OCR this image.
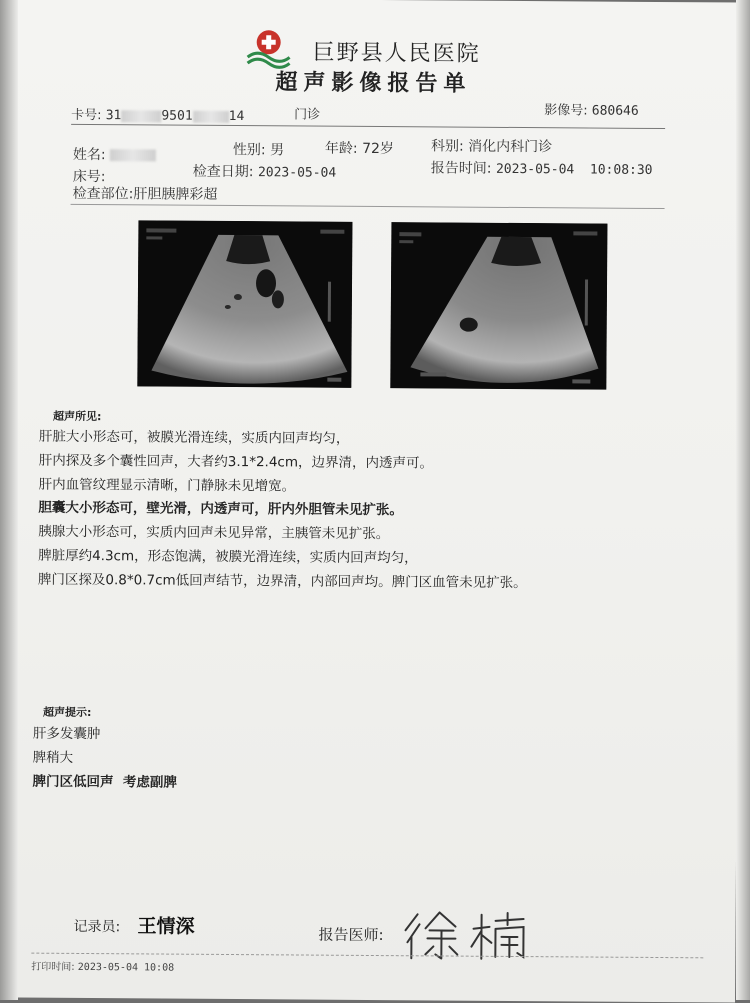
巨野县人民医院
超声影像报告单
卡号: 31	9501	14	门诊	影像号: 680646
姓名:	性别: 男	年龄: 72岁	科别: 消化内科门诊
床号:	检查日期: 2023-05-04	报告时间: 2023-05-04  10:08:30
检查部位:肝胆胰脾彩超
超声所见:
肝脏大小形态可，被膜光滑连续，实质内回声均匀，
肝内探及多个囊性回声，大者约3.1*2.4cm，边界清，内透声可。
肝内血管纹理显示清晰，门静脉未见增宽。
胆囊大小形态可，壁光滑，内透声可，肝内外胆管未见扩张。
胰腺大小形态可，实质内回声未见异常，主胰管未见扩张。
脾脏厚约4.3cm，形态饱满，被膜光滑连续，实质内回声均匀，
脾门区探及0.8*0.7cm低回声结节，边界清，内部回声均。脾门区血管未见扩张。
超声提示:
肝多发囊肿
脾稍大
脾门区低回声  考虑副脾
记录员: 王情深	报告医师:
打印时间: 2023-05-04 10:08
